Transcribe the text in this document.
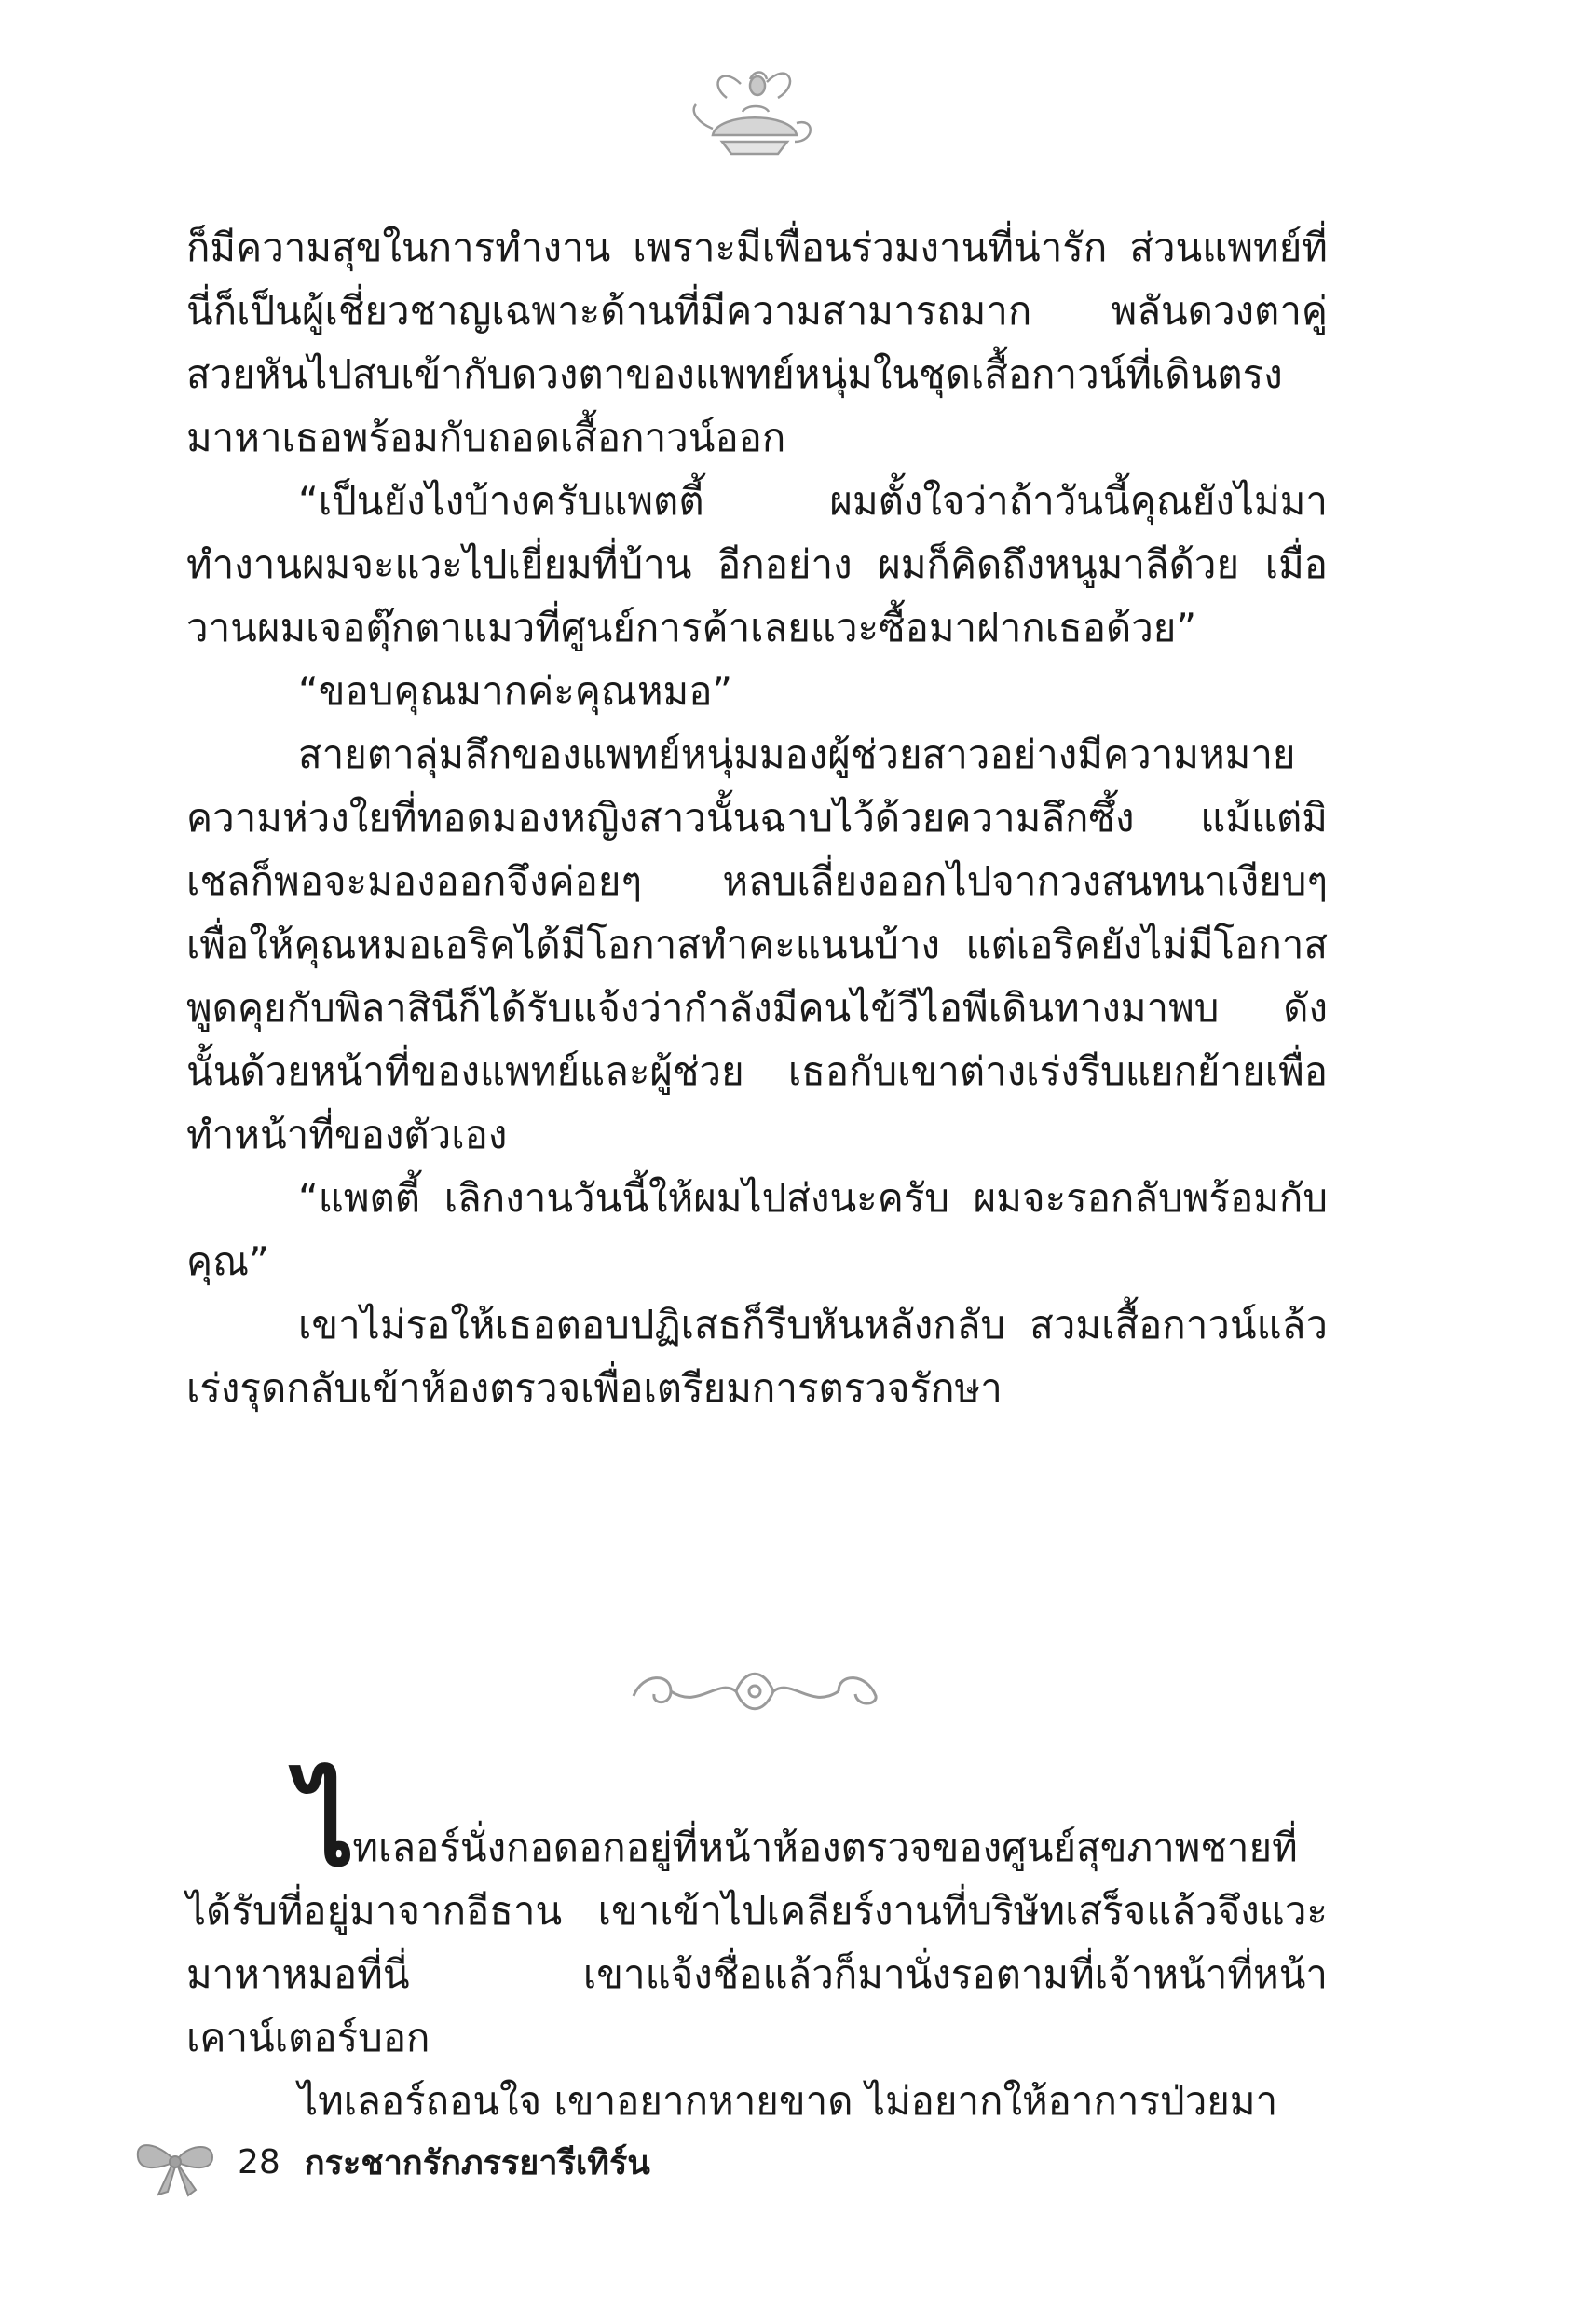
ก็มีความสุขในการทำงาน เพราะมีเพื่อนร่วมงานที่น่ารัก ส่วนแพทย์ที่นี่ก็เป็นผู้เชี่ยวชาญเฉพาะด้านที่มีความสามารถมาก พลันดวงตาคู่สวยหันไปสบเข้ากับดวงตาของแพทย์หนุ่มในชุดเสื้อกาวน์ที่เดินตรงมาหาเธอพร้อมกับถอดเสื้อกาวน์ออก

“เป็นยังไงบ้างครับแพตตี้ ผมตั้งใจว่าถ้าวันนี้คุณยังไม่มาทำงานผมจะแวะไปเยี่ยมที่บ้าน อีกอย่าง ผมก็คิดถึงหนูมาลีด้วย เมื่อวานผมเจอตุ๊กตาแมวที่ศูนย์การค้าเลยแวะซื้อมาฝากเธอด้วย”

“ขอบคุณมากค่ะคุณหมอ”

สายตาลุ่มลึกของแพทย์หนุ่มมองผู้ช่วยสาวอย่างมีความหมาย ความห่วงใยที่ทอดมองหญิงสาวนั้นฉาบไว้ด้วยความลึกซึ้ง แม้แต่มิเชลก็พอจะมองออกจึงค่อยๆ หลบเลี่ยงออกไปจากวงสนทนาเงียบๆ เพื่อให้คุณหมอเอริคได้มีโอกาสทำคะแนนบ้าง แต่เอริคยังไม่มีโอกาสพูดคุยกับพิลาสินีก็ได้รับแจ้งว่ากำลังมีคนไข้วีไอพีเดินทางมาพบ ดังนั้นด้วยหน้าที่ของแพทย์และผู้ช่วย เธอกับเขาต่างเร่งรีบแยกย้ายเพื่อทำหน้าที่ของตัวเอง

“แพตตี้ เลิกงานวันนี้ให้ผมไปส่งนะครับ ผมจะรอกลับพร้อมกับคุณ”

เขาไม่รอให้เธอตอบปฏิเสธก็รีบหันหลังกลับ สวมเสื้อกาวน์แล้วเร่งรุดกลับเข้าห้องตรวจเพื่อเตรียมการตรวจรักษา

ไทเลอร์นั่งกอดอกอยู่ที่หน้าห้องตรวจของศูนย์สุขภาพชายที่ได้รับที่อยู่มาจากอีธาน เขาเข้าไปเคลียร์งานที่บริษัทเสร็จแล้วจึงแวะมาหาหมอที่นี่ เขาแจ้งชื่อแล้วก็มานั่งรอตามที่เจ้าหน้าที่หน้าเคาน์เตอร์บอก

ไทเลอร์ถอนใจ เขาอยากหายขาด ไม่อยากให้อาการป่วยมา

28 กระชากรักภรรยารีเทิร์น
